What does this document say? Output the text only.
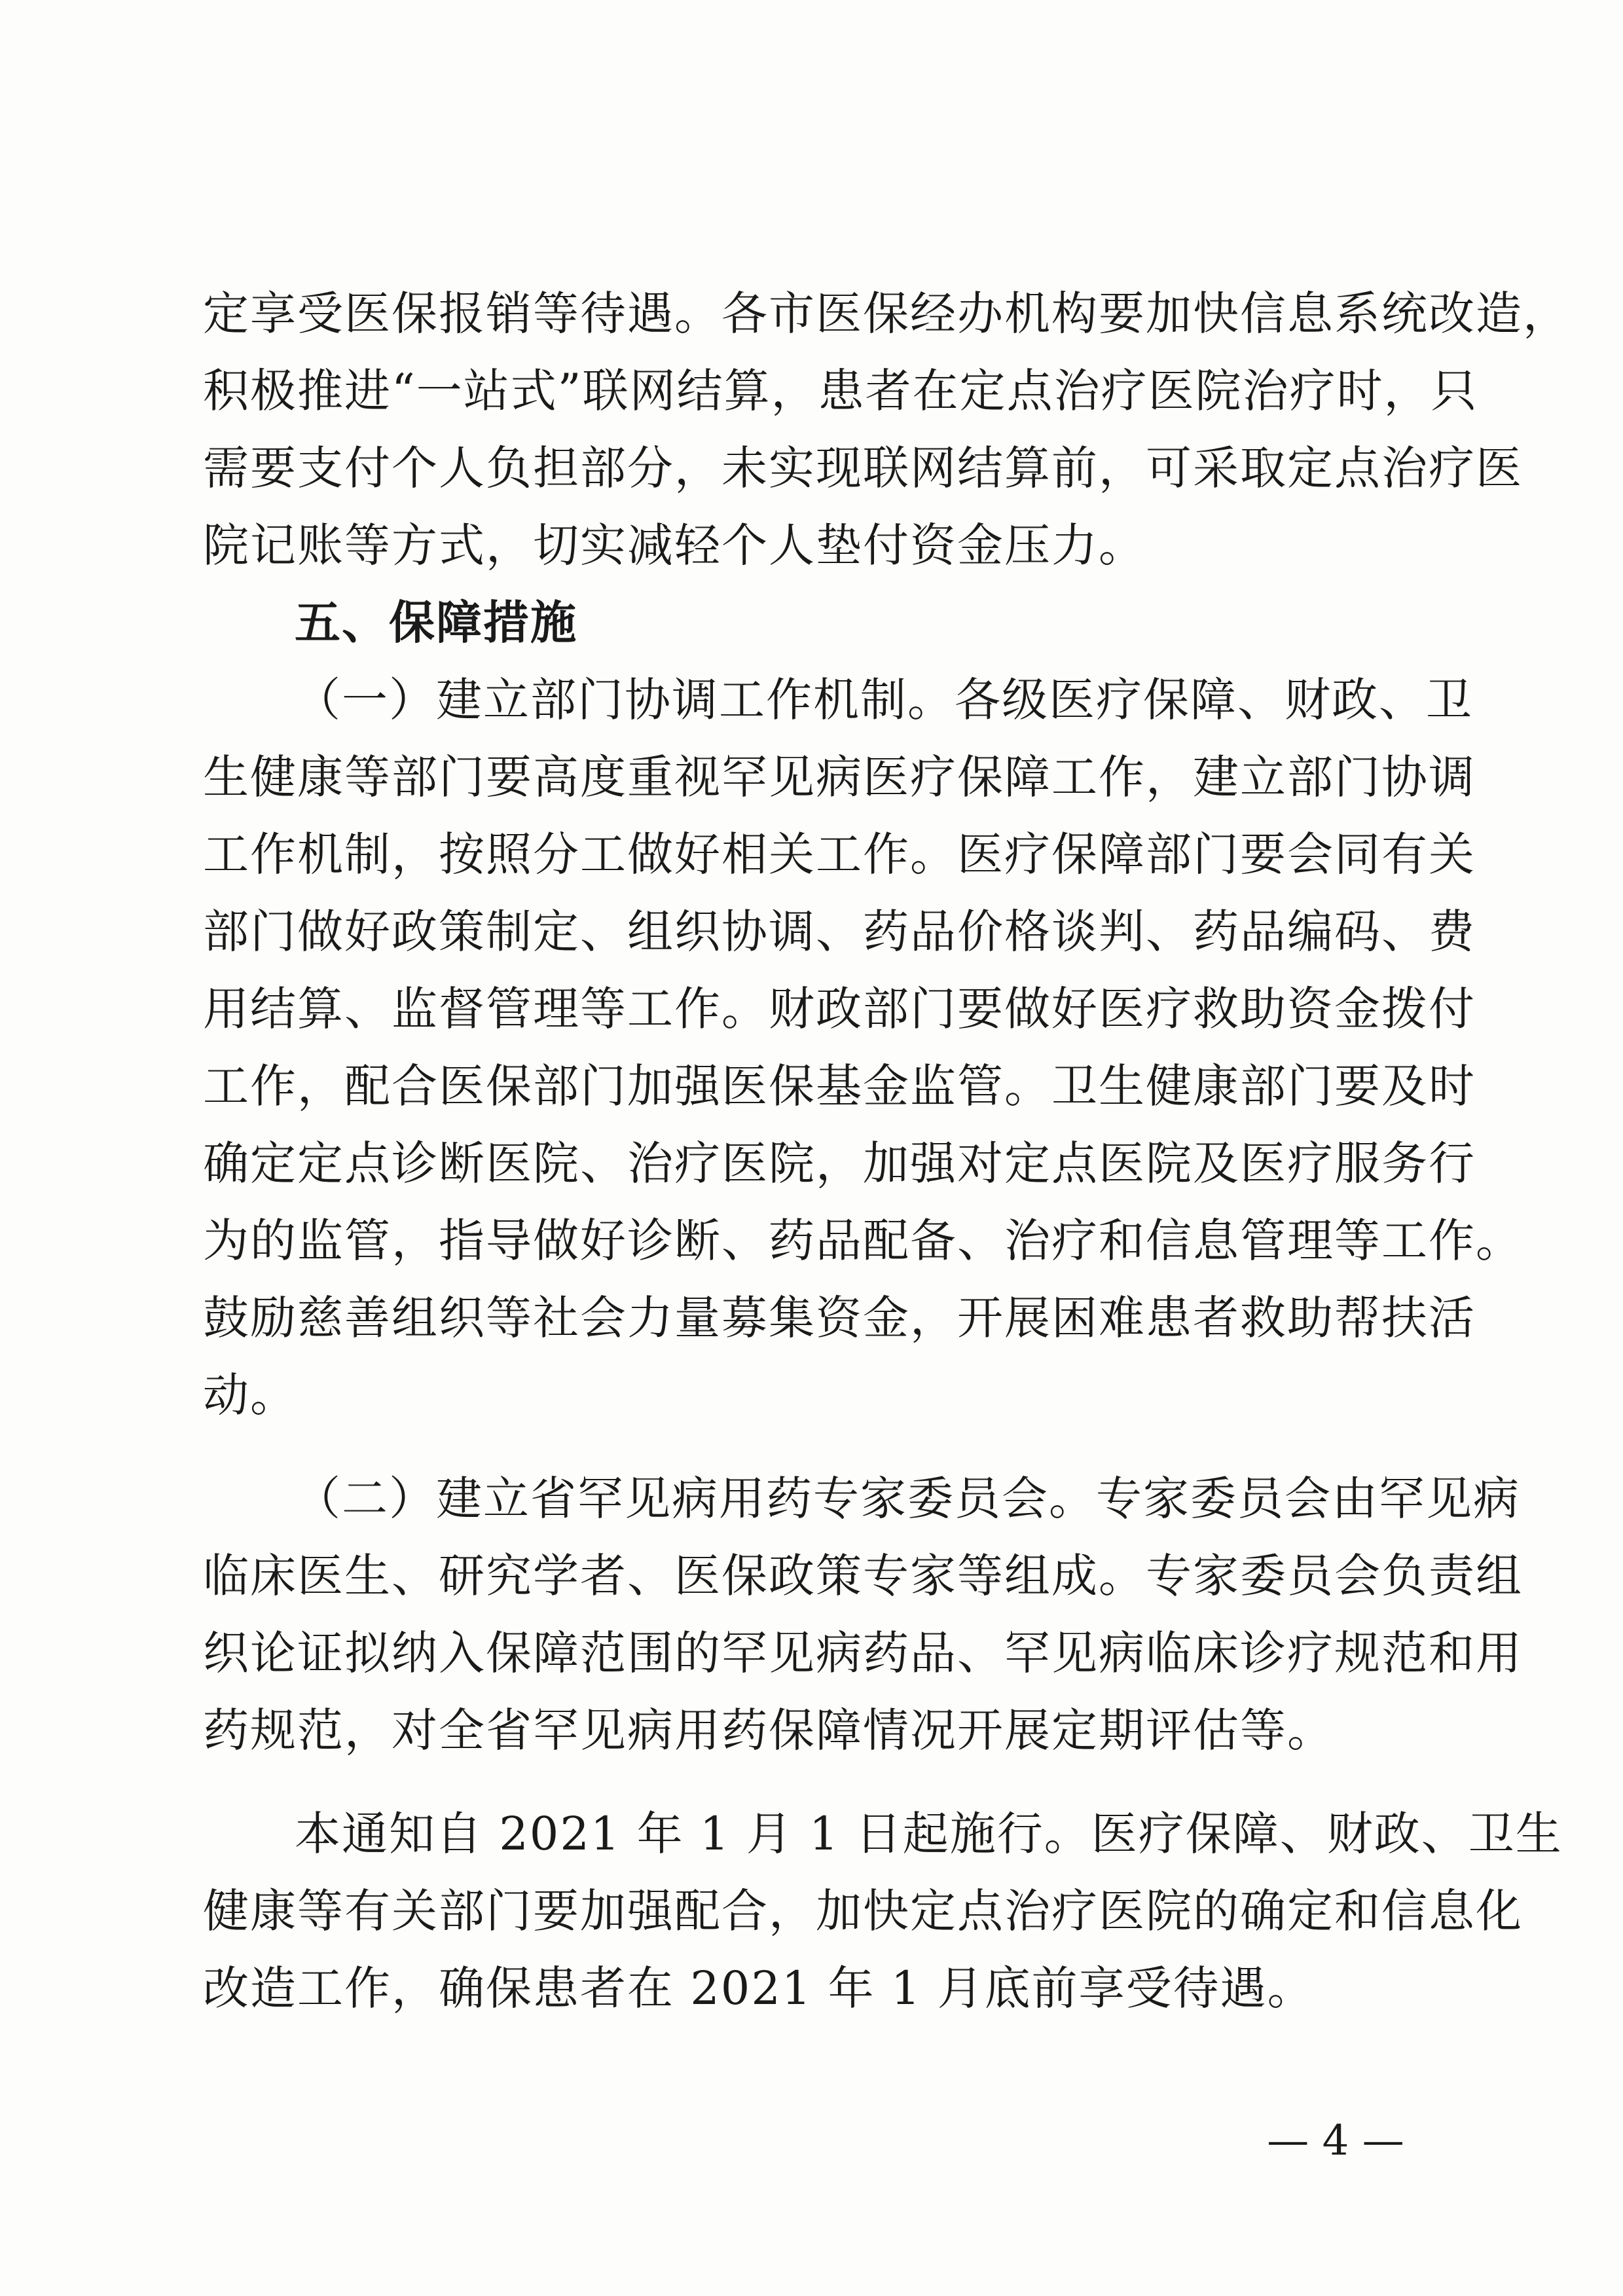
定享受医保报销等待遇。各市医保经办机构要加快信息系统改造，
积极推进“一站式”联网结算，患者在定点治疗医院治疗时，只
需要支付个人负担部分，未实现联网结算前，可采取定点治疗医
院记账等方式，切实减轻个人垫付资金压力。
五、保障措施
（一）建立部门协调工作机制。各级医疗保障、财政、卫
生健康等部门要高度重视罕见病医疗保障工作，建立部门协调
工作机制，按照分工做好相关工作。医疗保障部门要会同有关
部门做好政策制定、组织协调、药品价格谈判、药品编码、费
用结算、监督管理等工作。财政部门要做好医疗救助资金拨付
工作，配合医保部门加强医保基金监管。卫生健康部门要及时
确定定点诊断医院、治疗医院，加强对定点医院及医疗服务行
为的监管，指导做好诊断、药品配备、治疗和信息管理等工作。
鼓励慈善组织等社会力量募集资金，开展困难患者救助帮扶活
动。
（二）建立省罕见病用药专家委员会。专家委员会由罕见病
临床医生、研究学者、医保政策专家等组成。专家委员会负责组
织论证拟纳入保障范围的罕见病药品、罕见病临床诊疗规范和用
药规范，对全省罕见病用药保障情况开展定期评估等。
本通知自 2021 年 1 月 1 日起施行。医疗保障、财政、卫生
健康等有关部门要加强配合，加快定点治疗医院的确定和信息化
改造工作，确保患者在 2021 年 1 月底前享受待遇。
— 4 —
